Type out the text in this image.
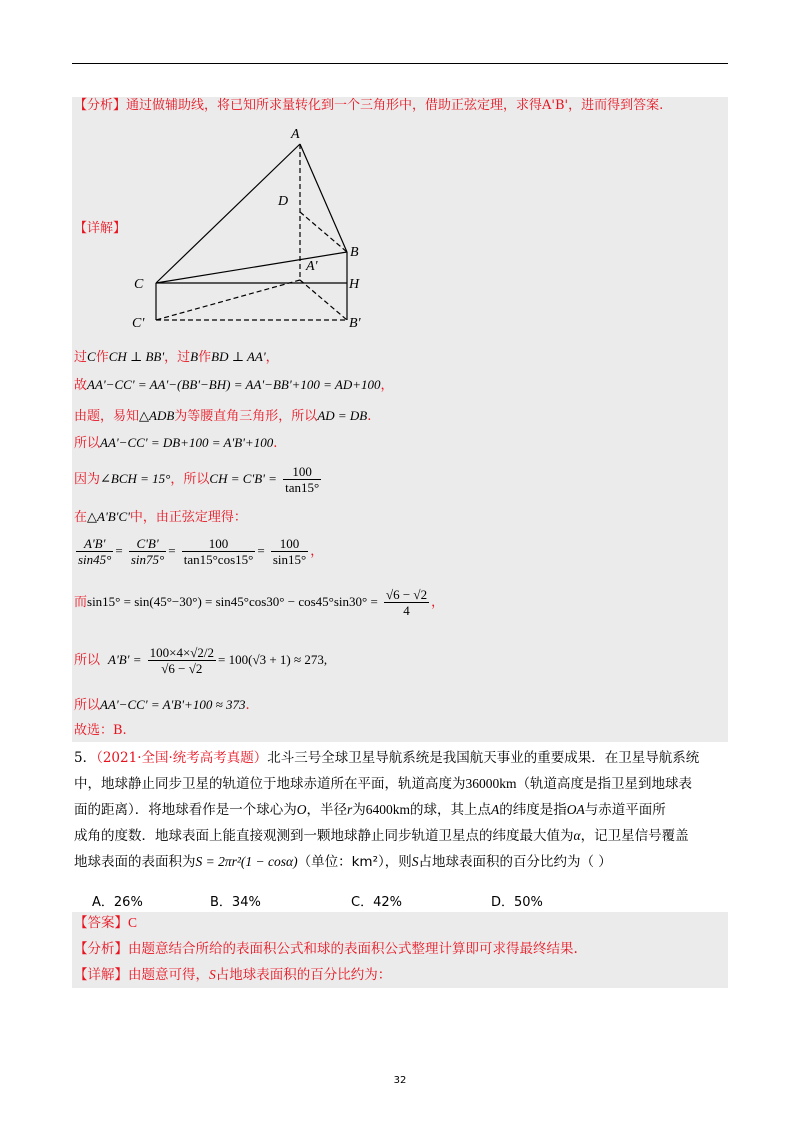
【分析】通过做辅助线，将已知所求量转化到一个三角形中，借助正弦定理，求得A'B'，进而得到答案.
A
B
C
D
H
A'
B'
C'
【详解】
过C作CH ⊥ BB'，过B作BD ⊥ AA'，
故AA'−CC' = AA'−(BB'−BH) = AA'−BB'+100 = AD+100，
由题，易知△ADB为等腰直角三角形，所以AD = DB.
所以AA'−CC' = DB+100 = A'B'+100.
因为∠BCH = 15°，所以CH = $C'B' = \frac{100}{\tan 15^\circ}$
在△A'B'C'中，由正弦定理得：
$\frac{A'B'}{\sin 45^\circ} = \frac{C'B'}{\sin 75^\circ} = \frac{100}{\tan 15^\circ\cos 15^\circ} = \frac{100}{\sin 15^\circ}$ ，
而$\sin 15^\circ = \sin(45^\circ-30^\circ) = \sin 45^\circ\cos 30^\circ - \cos 45^\circ\sin 30^\circ = \frac{√6 - √2}{4}$ ，
所以 $A'B' = \frac{100\times 4\times√2/2}{√6 - √2} = 100(√3 + 1) \approx 273$,
所以AA'−CC' = A'B'+100 ≈ 373.
故选：B.
5．（2021·全国·统考高考真题）北斗三号全球卫星导航系统是我国航天事业的重要成果．在卫星导航系统
中，地球静止同步卫星的轨道位于地球赤道所在平面，轨道高度为36000km（轨道高度是指卫星到地球表
面的距离）．将地球看作是一个球心为O，半径r为6400km的球，其上点A的纬度是指OA与赤道平面所
成角的度数．地球表面上能直接观测到一颗地球静止同步轨道卫星点的纬度最大值为α，记卫星信号覆盖
地球表面的表面积为S = 2πr²(1 − cosα)（单位：km²），则S占地球表面积的百分比约为（ ）
A．26%	B．34%	C．42%	D．50%
【答案】C
【分析】由题意结合所给的表面积公式和球的表面积公式整理计算即可求得最终结果.
【详解】由题意可得，S占地球表面积的百分比约为：
32
